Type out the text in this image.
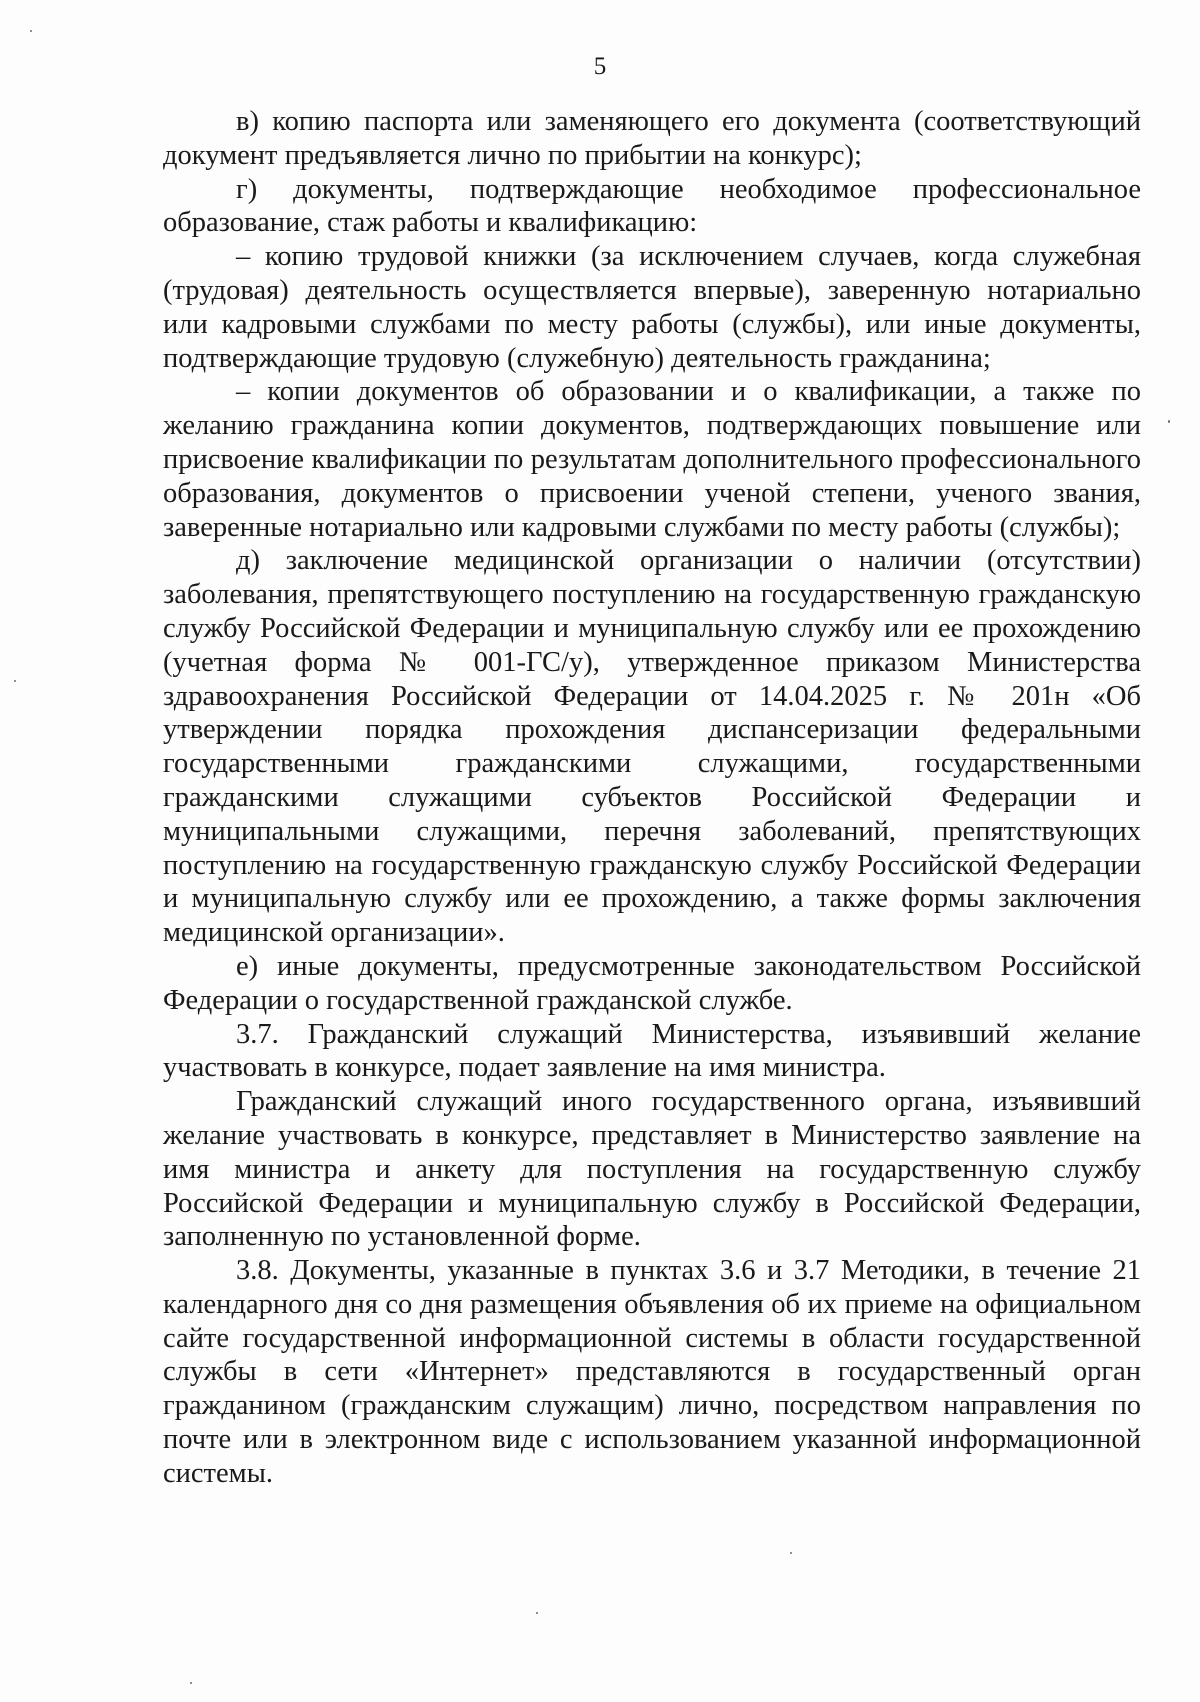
5

в) копию паспорта или заменяющего его документа (соответствующий документ предъявляется лично по прибытии на конкурс);

г) документы, подтверждающие необходимое профессиональное образование, стаж работы и квалификацию:

– копию трудовой книжки (за исключением случаев, когда служебная (трудовая) деятельность осуществляется впервые), заверенную нотариально или кадровыми службами по месту работы (службы), или иные документы, подтверждающие трудовую (служебную) деятельность гражданина;

– копии документов об образовании и о квалификации, а также по желанию гражданина копии документов, подтверждающих повышение или присвоение квалификации по результатам дополнительного профессионального образования, документов о присвоении ученой степени, ученого звания, заверенные нотариально или кадровыми службами по месту работы (службы);

д) заключение медицинской организации о наличии (отсутствии) заболевания, препятствующего поступлению на государственную гражданскую службу Российской Федерации и муниципальную службу или ее прохождению (учетная форма № 001-ГС/у), утвержденное приказом Министерства здравоохранения Российской Федерации от 14.04.2025 г. № 201н «Об утверждении порядка прохождения диспансеризации федеральными государственными гражданскими служащими, государственными гражданскими служащими субъектов Российской Федерации и муниципальными служащими, перечня заболеваний, препятствующих поступлению на государственную гражданскую службу Российской Федерации и муниципальную службу или ее прохождению, а также формы заключения медицинской организации».

е) иные документы, предусмотренные законодательством Российской Федерации о государственной гражданской службе.

3.7. Гражданский служащий Министерства, изъявивший желание участвовать в конкурсе, подает заявление на имя министра.

Гражданский служащий иного государственного органа, изъявивший желание участвовать в конкурсе, представляет в Министерство заявление на имя министра и анкету для поступления на государственную службу Российской Федерации и муниципальную службу в Российской Федерации, заполненную по установленной форме.

3.8. Документы, указанные в пунктах 3.6 и 3.7 Методики, в течение 21 календарного дня со дня размещения объявления об их приеме на официальном сайте государственной информационной системы в области государственной службы в сети «Интернет» представляются в государственный орган гражданином (гражданским служащим) лично, посредством направления по почте или в электронном виде с использованием указанной информационной системы.
